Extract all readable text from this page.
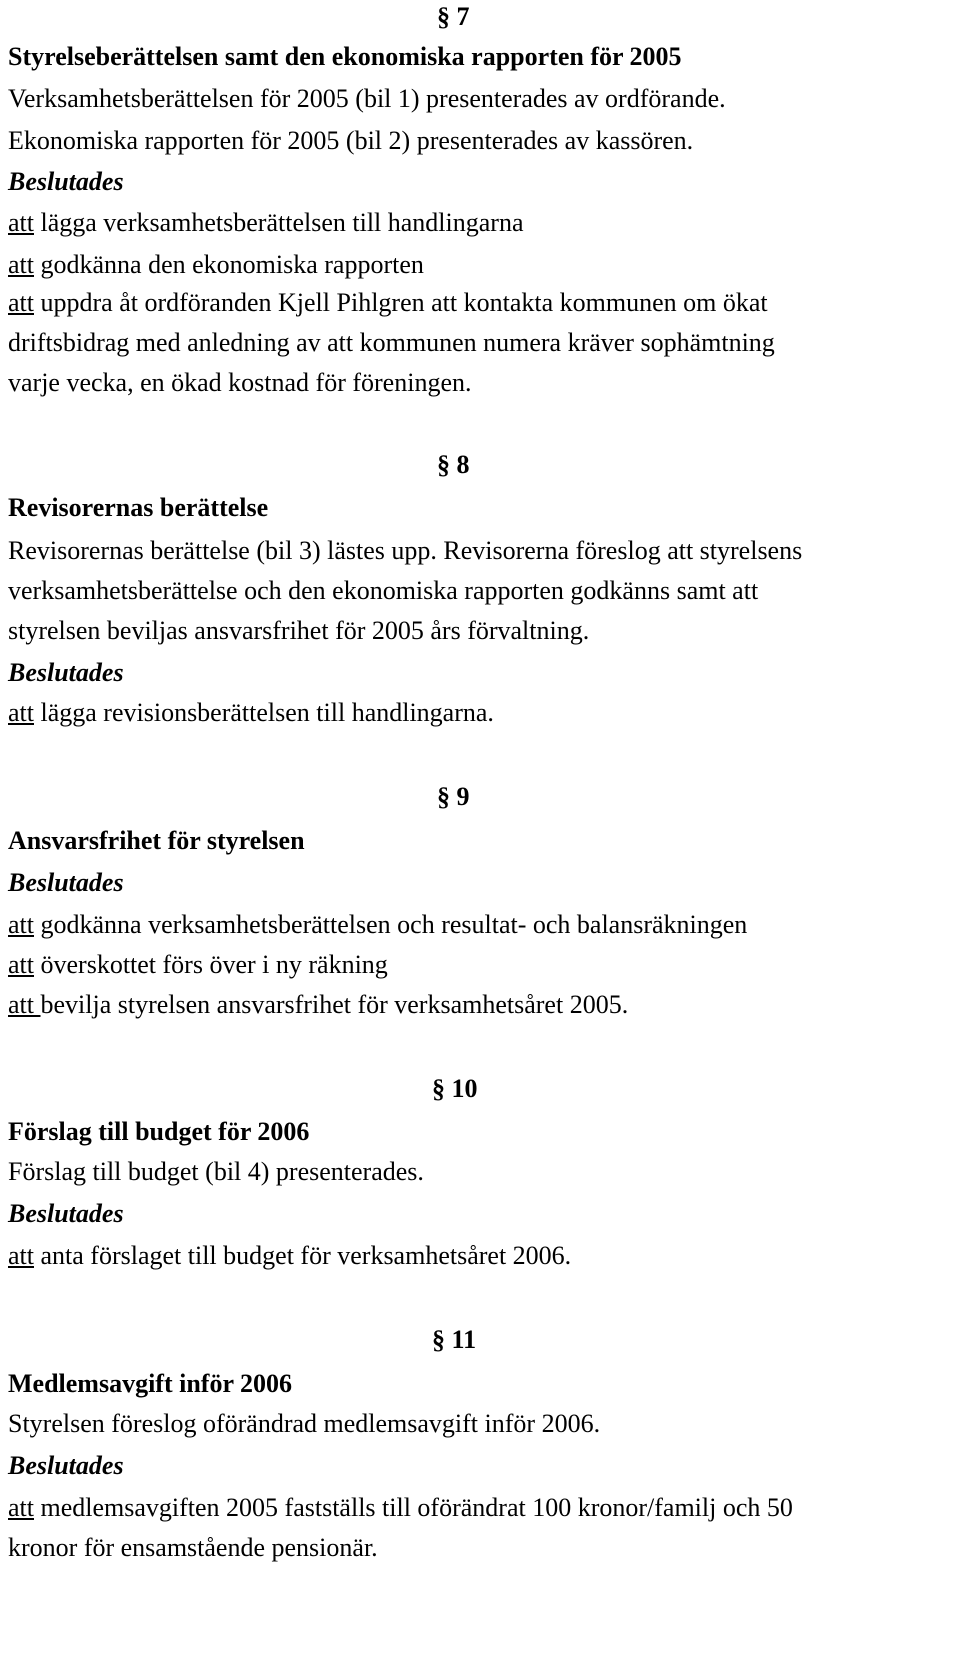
§ 7
Styrelseberättelsen samt den ekonomiska rapporten för 2005
Verksamhetsberättelsen för 2005 (bil 1) presenterades av ordförande.
Ekonomiska rapporten för 2005 (bil 2) presenterades av kassören.
Beslutades
att lägga verksamhetsberättelsen till handlingarna
att godkänna den ekonomiska rapporten
att uppdra åt ordföranden Kjell Pihlgren att kontakta kommunen om ökat
driftsbidrag med anledning av att kommunen numera kräver sophämtning
varje vecka, en ökad kostnad för föreningen.
§ 8
Revisorernas berättelse
Revisorernas berättelse (bil 3) lästes upp. Revisorerna föreslog att styrelsens
verksamhetsberättelse och den ekonomiska rapporten godkänns samt att
styrelsen beviljas ansvarsfrihet för 2005 års förvaltning.
Beslutades
att lägga revisionsberättelsen till handlingarna.
§ 9
Ansvarsfrihet för styrelsen
Beslutades
att godkänna verksamhetsberättelsen och resultat- och balansräkningen
att överskottet förs över i ny räkning
att bevilja styrelsen ansvarsfrihet för verksamhetsåret 2005.
§ 10
Förslag till budget för 2006
Förslag till budget (bil 4) presenterades.
Beslutades
att anta förslaget till budget för verksamhetsåret 2006.
§ 11
Medlemsavgift inför 2006
Styrelsen föreslog oförändrad medlemsavgift inför 2006.
Beslutades
att medlemsavgiften 2005 fastställs till oförändrat 100 kronor/familj och 50
kronor för ensamstående pensionär.
